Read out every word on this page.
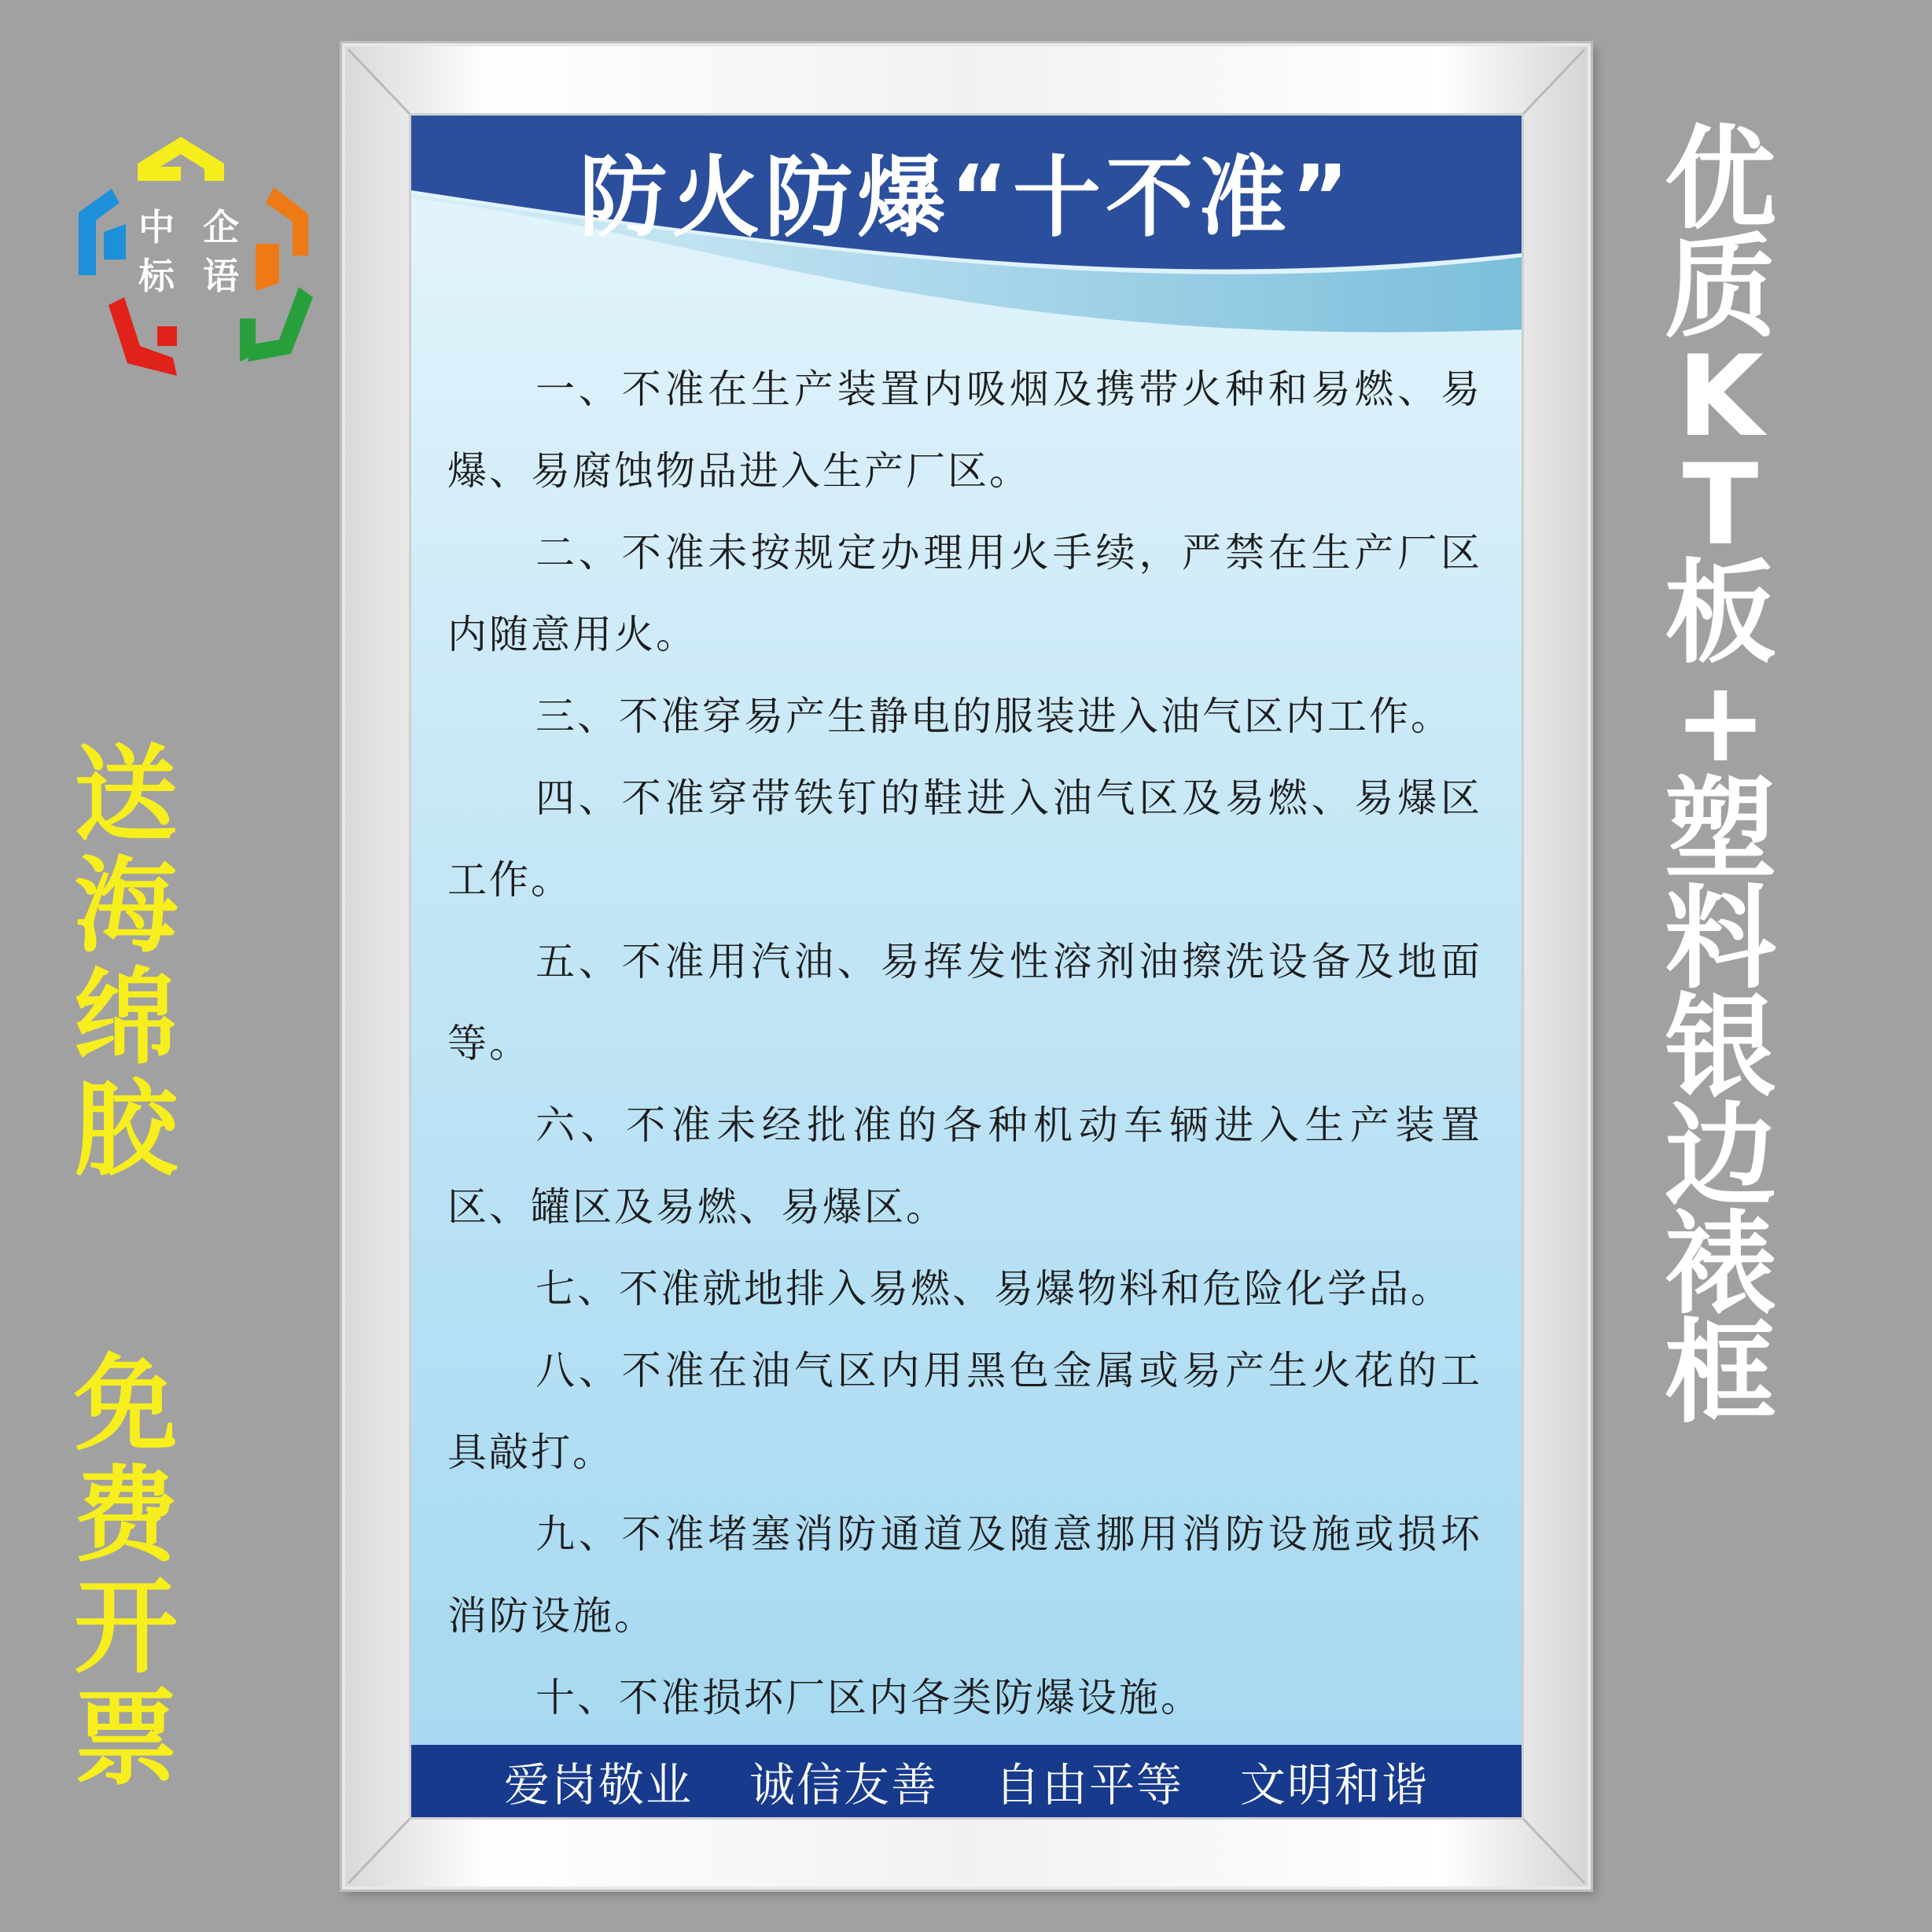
中 企
标 语
送
海
绵
胶
免
费
开
票
优
质
K
T
板
+
塑
料
银
边
裱
框
防火防爆“十不准”
一、不准在生产装置内吸烟及携带火种和易燃、易爆、易腐蚀物品进入生产厂区。
二、不准未按规定办理用火手续，严禁在生产厂区内随意用火。
三、不准穿易产生静电的服装进入油气区内工作。
四、不准穿带铁钉的鞋进入油气区及易燃、易爆区工作。
五、不准用汽油、易挥发性溶剂油擦洗设备及地面等。
六、不准未经批准的各种机动车辆进入生产装置区、罐区及易燃、易爆区。
七、不准就地排入易燃、易爆物料和危险化学品。
八、不准在油气区内用黑色金属或易产生火花的工具敲打。
九、不准堵塞消防通道及随意挪用消防设施或损坏消防设施。
十、不准损坏厂区内各类防爆设施。
爱岗敬业 诚信友善 自由平等 文明和谐
